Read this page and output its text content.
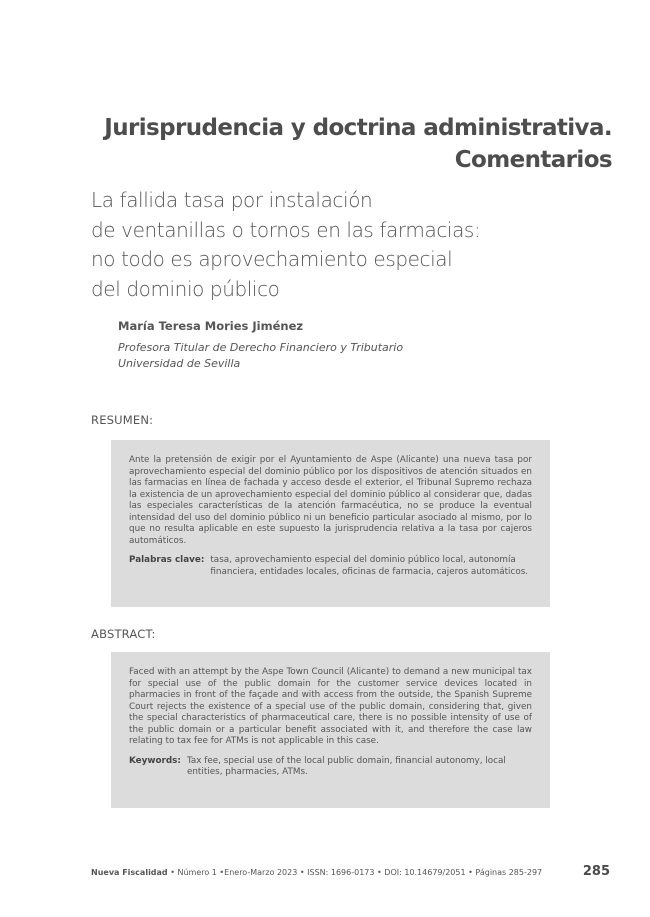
Jurisprudencia y doctrina administrativa.
Comentarios
La fallida tasa por instalación
de ventanillas o tornos en las farmacias:
no todo es aprovechamiento especial
del dominio público
María Teresa Mories Jiménez
Profesora Titular de Derecho Financiero y Tributario
Universidad de Sevilla
RESUMEN:

Ante la pretensión de exigir por el Ayuntamiento de Aspe (Alicante) una nueva tasa por aprovechamiento especial del dominio público por los dispositivos de atención situados en las farmacias en línea de fachada y acceso desde el exterior, el Tribunal Supremo rechaza la existencia de un aprovechamiento especial del dominio público al considerar que, dadas las especiales características de la atención farmacéutica, no se produce la eventual intensidad del uso del dominio público ni un beneficio particular asociado al mismo, por lo que no resulta aplicable en este supuesto la jurisprudencia relativa a la tasa por cajeros automáticos.

Palabras clave: tasa, aprovechamiento especial del dominio público local, autonomía financiera, entidades locales, oficinas de farmacia, cajeros automáticos.
ABSTRACT:

Faced with an attempt by the Aspe Town Council (Alicante) to demand a new municipal tax for special use of the public domain for the customer service devices located in pharmacies in front of the façade and with access from the outside, the Spanish Supreme Court rejects the existence of a special use of the public domain, considering that, given the special characteristics of pharmaceutical care, there is no possible intensity of use of the public domain or a particular benefit associated with it, and therefore the case law relating to tax fee for ATMs is not applicable in this case.

Keywords: Tax fee, special use of the local public domain, financial autonomy, local entities, pharmacies, ATMs.
Nueva Fiscalidad • Número 1 •Enero-Marzo 2023 • ISSN: 1696-0173 • DOI: 10.14679/2051 • Páginas 285-297	285
